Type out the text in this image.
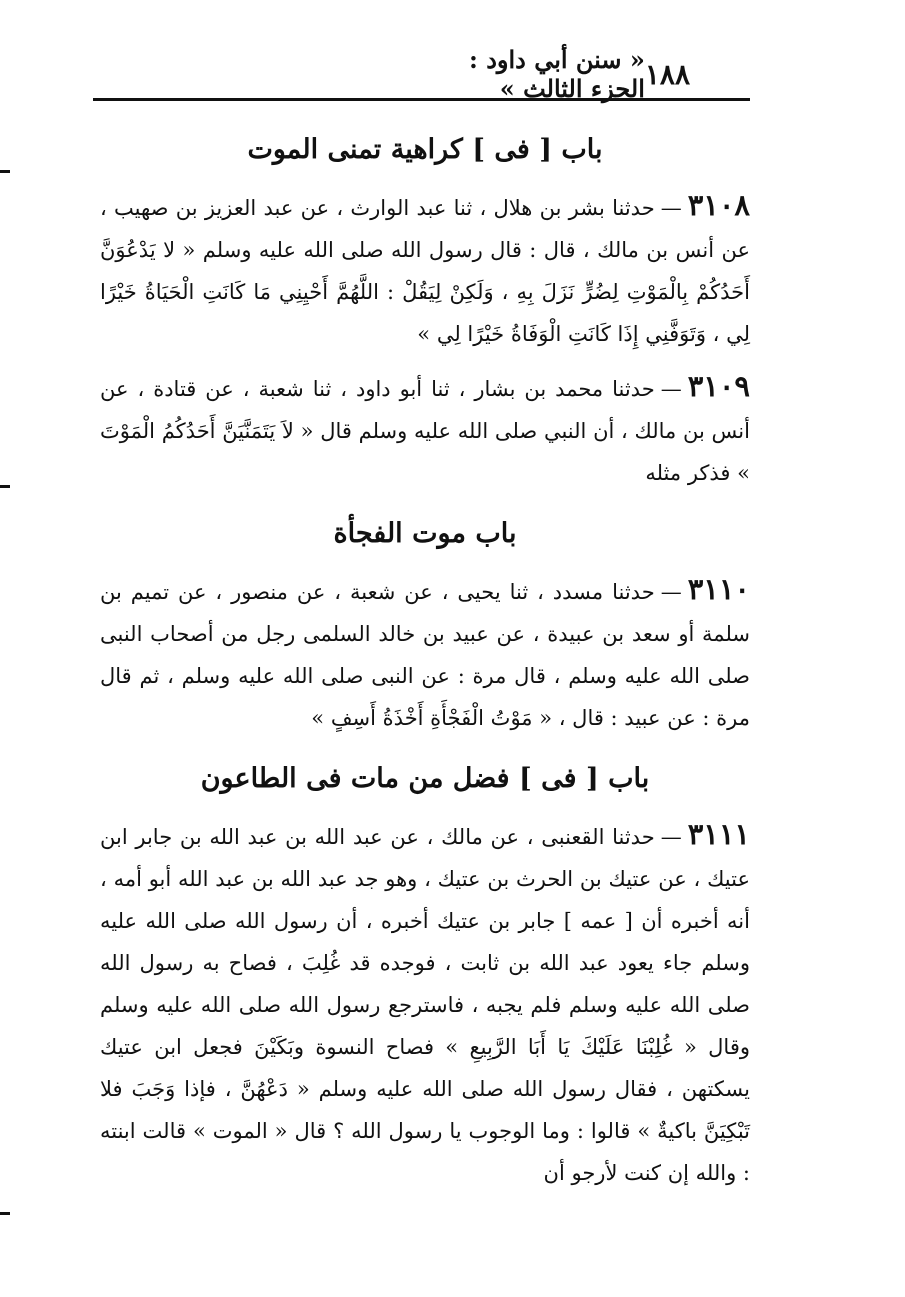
١٨٨
« سنن أبي داود : الجزء الثالث »
باب [ فى ] كراهية تمنى الموت

٣١٠٨—حدثنا بشر بن هلال ، ثنا عبد الوارث ، عن عبد العزيز بن صهيب ، عن أنس بن مالك ، قال : قال رسول الله صلى الله عليه وسلم « لا يَدْعُوَنَّ أَحَدُكُمْ بِالْمَوْتِ لِضُرٍّ نَزَلَ بِهِ ، وَلَكِنْ لِيَقُلْ : اللَّهُمَّ أَحْيِنِي مَا كَانَتِ الْحَيَاةُ خَيْرًا لِي ، وَتَوَفَّنِي إِذَا كَانَتِ الْوَفَاةُ خَيْرًا لِي »

٣١٠٩—حدثنا محمد بن بشار ، ثنا أبو داود ، ثنا شعبة ، عن قتادة ، عن أنس بن مالك ، أن النبي صلى الله عليه وسلم قال « لاَ يَتَمَنَّيَنَّ أَحَدُكُمُ الْمَوْتَ » فذكر مثله

باب موت الفجأة

٣١١٠—حدثنا مسدد ، ثنا يحيى ، عن شعبة ، عن منصور ، عن تميم بن سلمة أو سعد بن عبيدة ، عن عبيد بن خالد السلمى رجل من أصحاب النبى صلى الله عليه وسلم ، قال مرة : عن النبى صلى الله عليه وسلم ، ثم قال مرة : عن عبيد : قال ، « مَوْتُ الْفَجْأَةِ أَخْذَةُ أَسِفٍ »

باب [ فى ] فضل من مات فى الطاعون

٣١١١—حدثنا القعنبى ، عن مالك ، عن عبد الله بن عبد الله بن جابر ابن عتيك ، عن عتيك بن الحرث بن عتيك ، وهو جد عبد الله بن عبد الله أبو أمه ، أنه أخبره أن [ عمه ] جابر بن عتيك أخبره ، أن رسول الله صلى الله عليه وسلم جاء يعود عبد الله بن ثابت ، فوجده قد غُلِبَ ، فصاح به رسول الله صلى الله عليه وسلم فلم يجبه ، فاسترجع رسول الله صلى الله عليه وسلم وقال « غُلِبْنَا عَلَيْكَ يَا أَبَا الرَّبِيعِ » فصاح النسوة وبَكَيْنَ فجعل ابن عتيك يسكتهن ، فقال رسول الله صلى الله عليه وسلم « دَعْهُنَّ ، فإذا وَجَبَ فلا تَبْكِيَنَّ باكيةٌ » قالوا : وما الوجوب يا رسول الله ؟ قال « الموت » قالت ابنته : والله إن كنت لأرجو أن
